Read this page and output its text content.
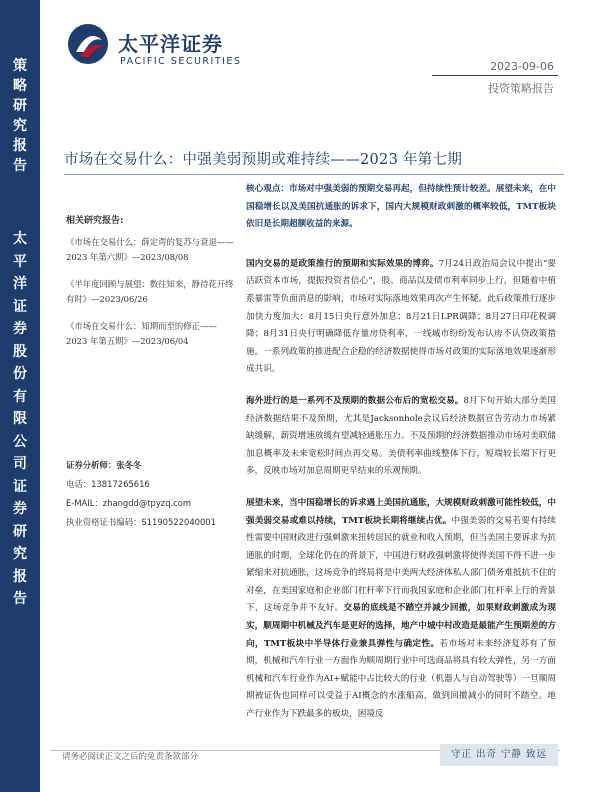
策略研究报告
太平洋证券股份有限公司证券研究报告
太平洋证券
PACIFIC SECURITIES	2023-09-06
投资策略报告
市场在交易什么：中强美弱预期或难持续——2023 年第七期
相关研究报告:
《市场在交易什么：薛定谔的复苏与衰退——2023 年第六期》—2023/08/08
《半年度回顾与展望：数往知来，静待花开终有时》—2023/06/26
《市场在交易什么：知期而至的修正——2023 年第五期》—2023/06/04
证券分析师：张冬冬
电话：13817265616
E-MAIL：zhangdd@tpyzq.com
执业资格证书编码：S1190522040001

核心观点：市场对中强美弱的预期交易再起，但持续性预计较差。展望未来，在中国稳增长以及美国抗通胀的诉求下，国内大规模财政刺激的概率较低，TMT板块依旧是长期超额收益的来源。

国内交易的是政策推行的预期和实际效果的博弈。7月24日政治局会议中提出“要活跃资本市场，提振投资者信心”，股、商品以及债市利率同步上行，但随着中植系暴雷等负面消息的影响，市场对实际落地效果再次产生怀疑。此后政策推行逐步加快力度加大：8月15日央行意外加息；8月21日LPR调降；8月27日印花税调降；8月31日央行明确降低存量房贷利率，一线城市纷纷发布认房不认贷政策措施。一系列政策的推进配合企稳的经济数据使得市场对政策的实际落地效果逐渐形成共识。

海外进行的是一系列不及预期的数据公布后的宽松交易。8月下旬开始大部分美国经济数据结果不及预期，尤其是Jacksonhole会议后经济数据宣告劳动力市场紧缺缓解，薪资增速放缓有望减轻通胀压力。不及预期的经济数据推动市场对美联储加息概率及未来宽松时间点再交易。美债利率曲线整体下行，短端较长端下行更多，反映市场对加息周期更早结束的乐观预期。

展望未来，当中国稳增长的诉求遇上美国抗通胀，大规模财政刺激可能性较低，中强美弱交易或难以持续，TMT板块长期将继续占优。中强美弱的交易若要有持续性需要中国财政进行强刺激来扭转居民的就业和收入预期，但当美国主要诉求为抗通胀的时期，全球化仍在的背景下，中国进行财政强刺激将使得美国不得不进一步紧缩来对抗通胀，这场竞争的终局将是中美两大经济体私人部门债务难抵抗不住的对垒，在美国家庭和企业部门杠杆率下行而我国家庭和企业部门杠杆率上行的背景下，这场竞争并不友好。交易的底线是不踏空并减少回撤，如果财政刺激成为现实，顺周期中机械及汽车是更好的选择，地产中城中村改造是最能产生预期差的方向，TMT板块中半导体行业兼具弹性与确定性。若市场对未来经济复苏有了预期，机械和汽车行业一方面作为顺周期行业中可选商品将具有较大弹性，另一方面机械和汽车行业作为AI+赋能中占比较大的行业（机器人与自动驾驶等）一旦顺周期被证伪也同样可以受益于AI概念的水涨船高，做到回撤减小的同时不踏空。地产行业作为下跌最多的板块，困境反

请务必阅读正文之后的免责条款部分	守正 出奇 宁静 致远
